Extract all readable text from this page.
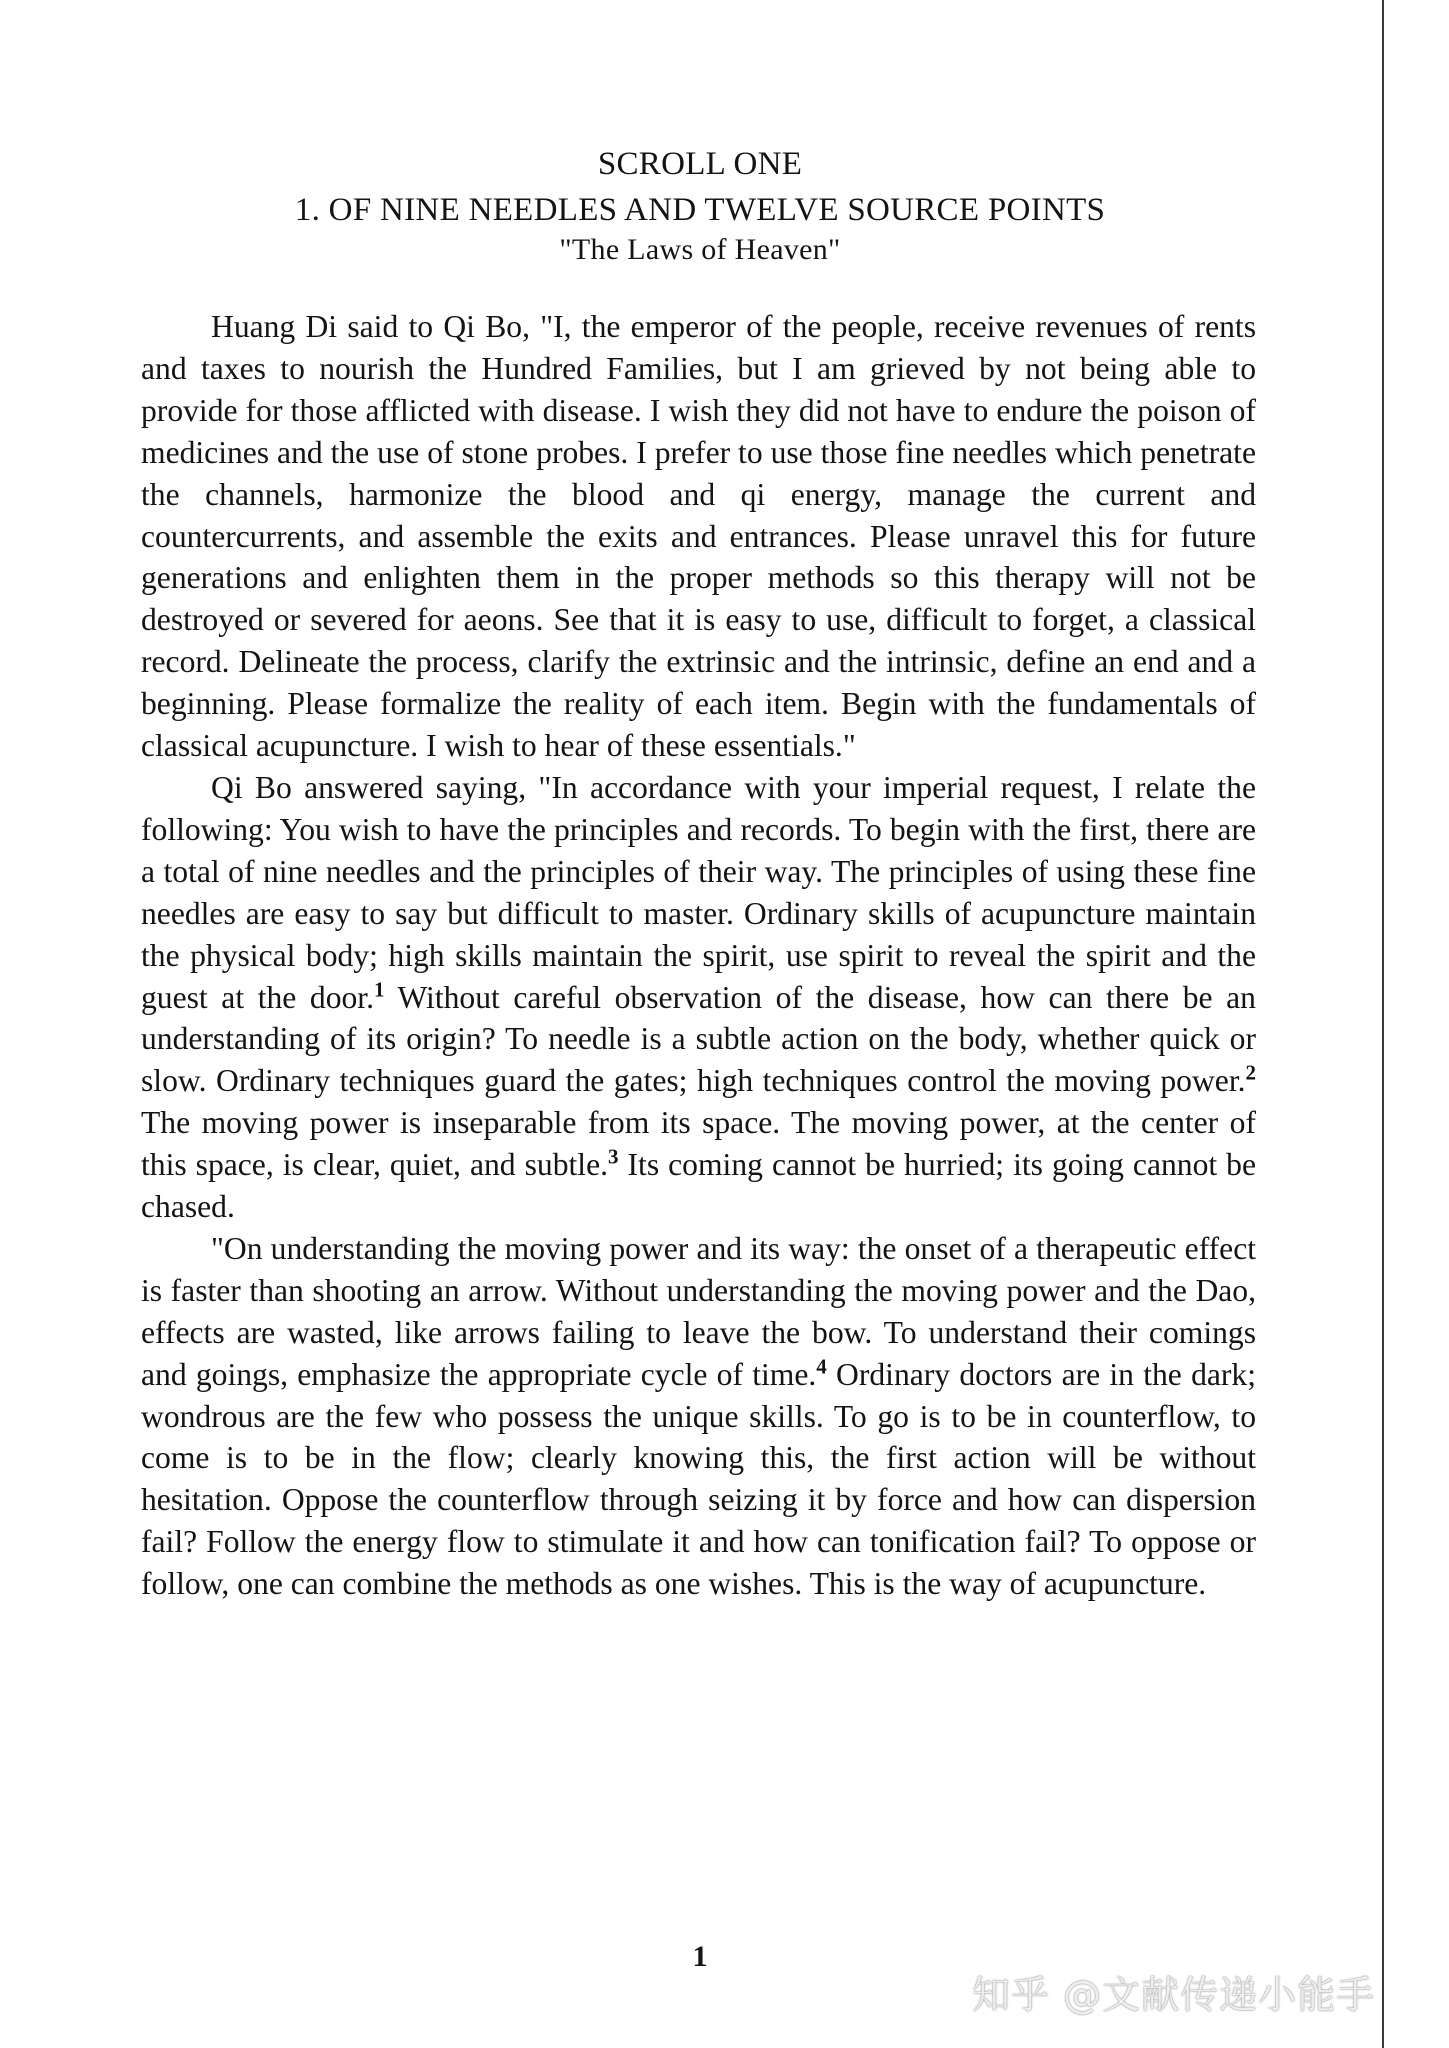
SCROLL ONE
1. OF NINE NEEDLES AND TWELVE SOURCE POINTS
"The Laws of Heaven"

Huang Di said to Qi Bo, "I, the emperor of the people, receive revenues of rents and taxes to nourish the Hundred Families, but I am grieved by not being able to provide for those afflicted with disease. I wish they did not have to endure the poison of medicines and the use of stone probes. I prefer to use those fine needles which penetrate the channels, harmonize the blood and qi energy, manage the current and countercurrents, and assemble the exits and entrances. Please unravel this for future generations and enlighten them in the proper methods so this therapy will not be destroyed or severed for aeons. See that it is easy to use, difficult to forget, a classical record. Delineate the process, clarify the extrinsic and the intrinsic, define an end and a beginning. Please formalize the reality of each item. Begin with the fundamentals of classical acupuncture. I wish to hear of these essentials."

Qi Bo answered saying, "In accordance with your imperial request, I relate the following: You wish to have the principles and records. To begin with the first, there are a total of nine needles and the principles of their way. The principles of using these fine needles are easy to say but difficult to master. Ordinary skills of acupuncture maintain the physical body; high skills maintain the spirit, use spirit to reveal the spirit and the guest at the door.$^1$ Without careful observation of the disease, how can there be an understanding of its origin? To needle is a subtle action on the body, whether quick or slow. Ordinary techniques guard the gates; high techniques control the moving power.$^2$ The moving power is inseparable from its space. The moving power, at the center of this space, is clear, quiet, and subtle.$^3$ Its coming cannot be hurried; its going cannot be chased.

"On understanding the moving power and its way: the onset of a therapeutic effect is faster than shooting an arrow. Without understanding the moving power and the Dao, effects are wasted, like arrows failing to leave the bow. To understand their comings and goings, emphasize the appropriate cycle of time.$^4$ Ordinary doctors are in the dark; wondrous are the few who possess the unique skills. To go is to be in counterflow, to come is to be in the flow; clearly knowing this, the first action will be without hesitation. Oppose the counterflow through seizing it by force and how can dispersion fail? Follow the energy flow to stimulate it and how can tonification fail? To oppose or follow, one can combine the methods as one wishes. This is the way of acupuncture.

1
知乎 @文献传递小能手
